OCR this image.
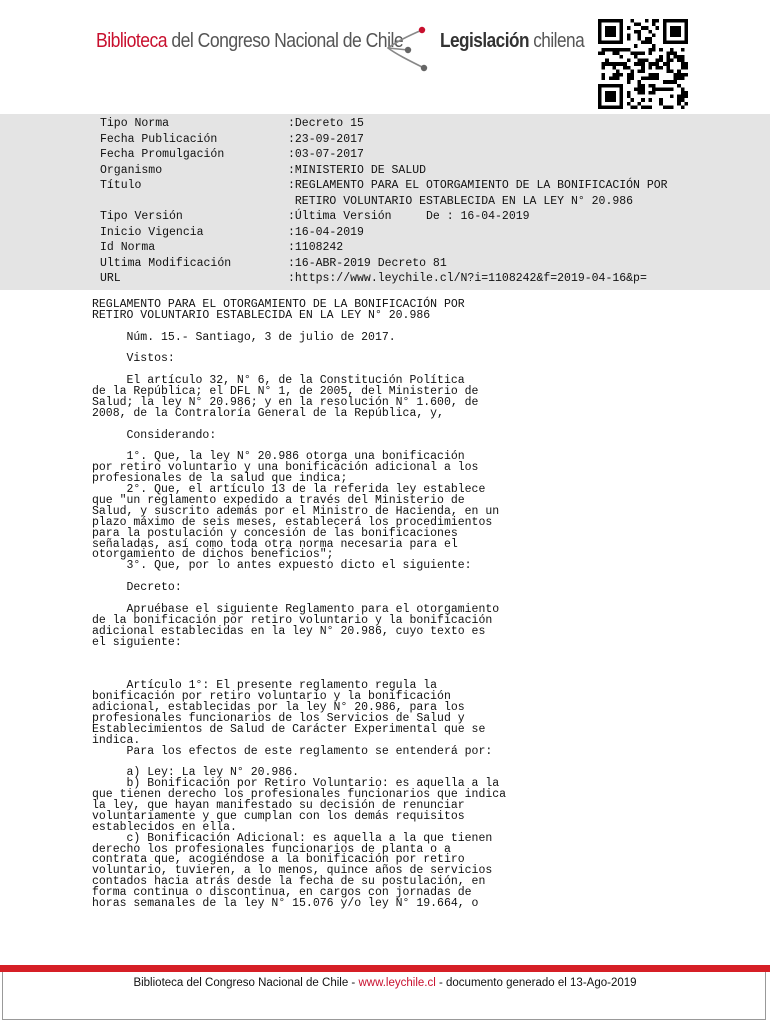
Biblioteca del Congreso Nacional de Chile Legislación chilena
Tipo Norma	:Decreto 15
Fecha Publicación	:23-09-2017
Fecha Promulgación	:03-07-2017
Organismo	:MINISTERIO DE SALUD
Título	:REGLAMENTO PARA EL OTORGAMIENTO DE LA BONIFICACIÓN POR
RETIRO VOLUNTARIO ESTABLECIDA EN LA LEY N° 20.986
Tipo Versión	:Última Versión     De : 16-04-2019
Inicio Vigencia	:16-04-2019
Id Norma	:1108242
Ultima Modificación	:16-ABR-2019 Decreto 81
URL	:https://www.leychile.cl/N?i=1108242&f=2019-04-16&p=
REGLAMENTO PARA EL OTORGAMIENTO DE LA BONIFICACIÓN POR
RETIRO VOLUNTARIO ESTABLECIDA EN LA LEY N° 20.986
Núm. 15.- Santiago, 3 de julio de 2017.
Vistos:
El artículo 32, N° 6, de la Constitución Política
de la República; el DFL N° 1, de 2005, del Ministerio de
Salud; la ley N° 20.986; y en la resolución N° 1.600, de
2008, de la Contraloría General de la República, y,
Considerando:
1°. Que, la ley N° 20.986 otorga una bonificación
por retiro voluntario y una bonificación adicional a los
profesionales de la salud que indica;
2°. Que, el artículo 13 de la referida ley establece
que "un reglamento expedido a través del Ministerio de
Salud, y suscrito además por el Ministro de Hacienda, en un
plazo máximo de seis meses, establecerá los procedimientos
para la postulación y concesión de las bonificaciones
señaladas, así como toda otra norma necesaria para el
otorgamiento de dichos beneficios";
3°. Que, por lo antes expuesto dicto el siguiente:
Decreto:
Apruébase el siguiente Reglamento para el otorgamiento
de la bonificación por retiro voluntario y la bonificación
adicional establecidas en la ley N° 20.986, cuyo texto es
el siguiente:
Artículo 1°: El presente reglamento regula la
bonificación por retiro voluntario y la bonificación
adicional, establecidas por la ley N° 20.986, para los
profesionales funcionarios de los Servicios de Salud y
Establecimientos de Salud de Carácter Experimental que se
indica.
Para los efectos de este reglamento se entenderá por:
a) Ley: La ley N° 20.986.
b) Bonificación por Retiro Voluntario: es aquella a la
que tienen derecho los profesionales funcionarios que indica
la ley, que hayan manifestado su decisión de renunciar
voluntariamente y que cumplan con los demás requisitos
establecidos en ella.
c) Bonificación Adicional: es aquella a la que tienen
derecho los profesionales funcionarios de planta o a
contrata que, acogiéndose a la bonificación por retiro
voluntario, tuvieren, a lo menos, quince años de servicios
contados hacia atrás desde la fecha de su postulación, en
forma continua o discontinua, en cargos con jornadas de
horas semanales de la ley N° 15.076 y/o ley N° 19.664, o
Biblioteca del Congreso Nacional de Chile - www.leychile.cl - documento generado el 13-Ago-2019
